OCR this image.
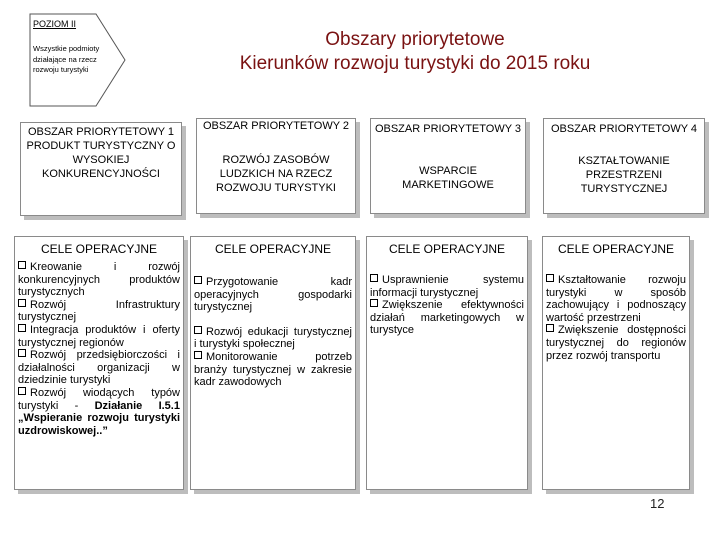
POZIOM II
Wszystkie podmioty działające na rzecz rozwoju turystyki
Obszary priorytetowe
Kierunków rozwoju turystyki do 2015 roku
OBSZAR PRIORYTETOWY 1 PRODUKT TURYSTYCZNY O WYSOKIEJ KONKURENCYJNOŚCI
OBSZAR PRIORYTETOWY 2
ROZWÓJ ZASOBÓW LUDZKICH NA RZECZ ROZWOJU TURYSTYKI
OBSZAR PRIORYTETOWY 3
WSPARCIE MARKETINGOWE
OBSZAR PRIORYTETOWY 4
KSZTAŁTOWANIE PRZESTRZENI TURYSTYCZNEJ
CELE OPERACYJNE

Kreowanie i rozwój konkurencyjnych produktów turystycznych

Rozwój Infrastruktury turystycznej

Integracja produktów i oferty turystycznej regionów

Rozwój przedsiębiorczości i działalności organizacji w dziedzinie turystyki

Rozwój wiodących typów turystyki - Działanie I.5.1 „Wspieranie rozwoju turystyki uzdrowiskowej..”

CELE OPERACYJNE

Przygotowanie kadr operacyjnych gospodarki turystycznej

Rozwój edukacji turystycznej i turystyki społecznej

Monitorowanie potrzeb branży turystycznej w zakresie kadr zawodowych

CELE OPERACYJNE

Usprawnienie systemu informacji turystycznej

Zwiększenie efektywności działań marketingowych w turystyce

CELE OPERACYJNE

Kształtowanie rozwoju turystyki w sposób zachowujący i podnoszący wartość przestrzeni

Zwiększenie dostępności turystycznej do regionów przez rozwój transportu

12
